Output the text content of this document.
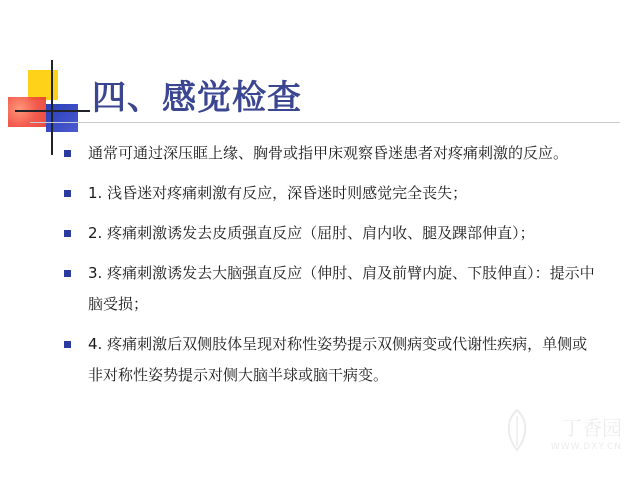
四、感觉检查
通常可通过深压眶上缘、胸骨或指甲床观察昏迷患者对疼痛刺激的反应。
1. 浅昏迷对疼痛刺激有反应，深昏迷时则感觉完全丧失；
2. 疼痛刺激诱发去皮质强直反应（屈肘、肩内收、腿及踝部伸直）；
3. 疼痛刺激诱发去大脑强直反应（伸肘、肩及前臂内旋、下肢伸直）：提示中脑受损；
4. 疼痛刺激后双侧肢体呈现对称性姿势提示双侧病变或代谢性疾病，单侧或非对称性姿势提示对侧大脑半球或脑干病变。
丁香园
WWW.DXY.CN
